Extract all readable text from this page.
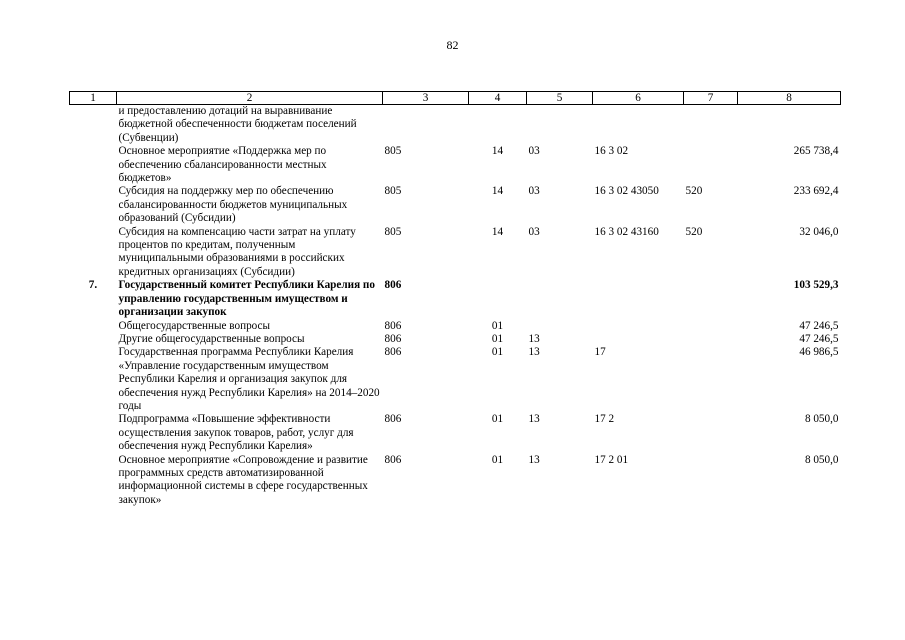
82
1	2	3	4	5	6	7	8
	и предоставлению дотаций на выравнивание бюджетной обеспеченности бюджетам поселений (Субвенции)						
	Основное мероприятие «Поддержка мер по обеспечению сбалансированности местных бюджетов»	805	14	03	16 3 02		265 738,4
	Субсидия на поддержку мер по обеспечению сбалансированности бюджетов муниципальных образований (Субсидии)	805	14	03	16 3 02 43050	520	233 692,4
	Субсидия на компенсацию части затрат на уплату процентов по кредитам, полученным муниципальными образованиями в российских кредитных организациях (Субсидии)	805	14	03	16 3 02 43160	520	32 046,0
7.	Государственный комитет Республики Карелия по управлению государственным имуществом и организации закупок	806					103 529,3
	Общегосударственные вопросы	806	01				47 246,5
	Другие общегосударственные вопросы	806	01	13			47 246,5
	Государственная программа Республики Карелия «Управление государственным имуществом Республики Карелия и организация закупок для обеспечения нужд Республики Карелия» на 2014–2020 годы	806	01	13	17		46 986,5
	Подпрограмма «Повышение эффективности осуществления закупок товаров, работ, услуг для обеспечения нужд Республики Карелия»	806	01	13	17 2		8 050,0
	Основное мероприятие «Сопровождение и развитие программных средств автоматизированной информационной системы в сфере государственных закупок»	806	01	13	17 2 01		8 050,0
